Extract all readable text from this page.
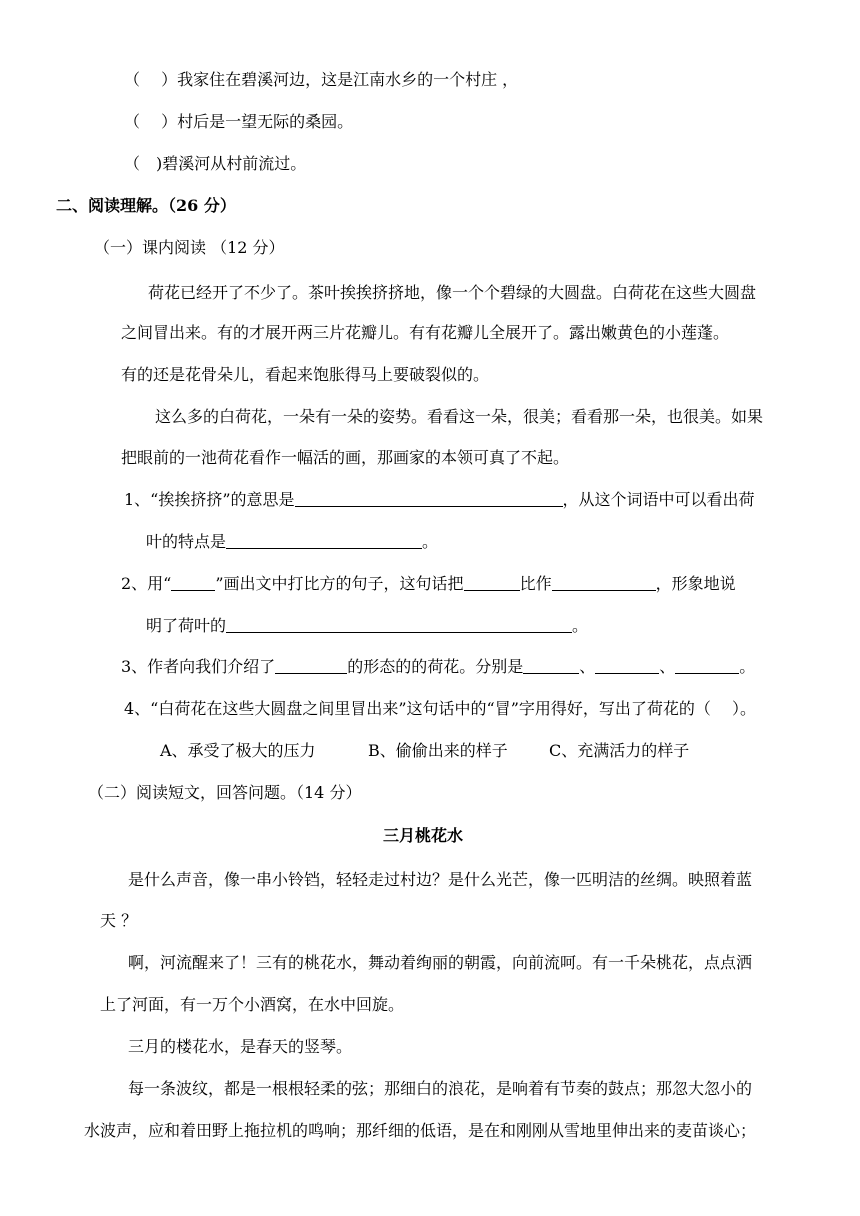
（　 ）我家住在碧溪河边，这是江南水乡的一个村庄 ，
（　 ）村后是一望无际的桑园。
（　)碧溪河从村前流过。
二、阅读理解。（26 分）
（一）课内阅读 （12 分）
荷花已经开了不少了。茶叶挨挨挤挤地，像一个个碧绿的大圆盘。白荷花在这些大圆盘
之间冒出来。有的才展开两三片花瓣儿。有有花瓣儿全展开了。露出嫩黄色的小莲蓬。
有的还是花骨朵儿，看起来饱胀得马上要破裂似的。
这么多的白荷花，一朵有一朵的姿势。看看这一朵，很美；看看那一朵，也很美。如果
把眼前的一池荷花看作一幅活的画，那画家的本领可真了不起。
1、“挨挨挤挤”的意思是	，从这个词语中可以看出荷
叶的特点是	。
2、用“	”画出文中打比方的句子，这句话把	比作	，形象地说
明了荷叶的	。
3、作者向我们介绍了	的形态的的荷花。分别是	、	、	。
4、“白荷花在这些大圆盘之间里冒出来”这句话中的“冒”字用得好，写出了荷花的（　 ）。
A、承受了极大的压力	B、偷偷出来的样子	C、充满活力的样子
（二）阅读短文，回答问题。（14 分）
三月桃花水
是什么声音，像一串小铃铛，轻轻走过村边？是什么光芒，像一匹明洁的丝绸。映照着蓝
天 ？
啊，河流醒来了！三有的桃花水，舞动着绚丽的朝霞，向前流呵。有一千朵桃花，点点洒
上了河面，有一万个小酒窝，在水中回旋。
三月的楼花水，是春天的竖琴。
每一条波纹，都是一根根轻柔的弦；那细白的浪花，是响着有节奏的鼓点；那忽大忽小的
水波声，应和着田野上拖拉机的鸣响；那纤细的低语，是在和刚刚从雪地里伸出来的麦苗谈心；
